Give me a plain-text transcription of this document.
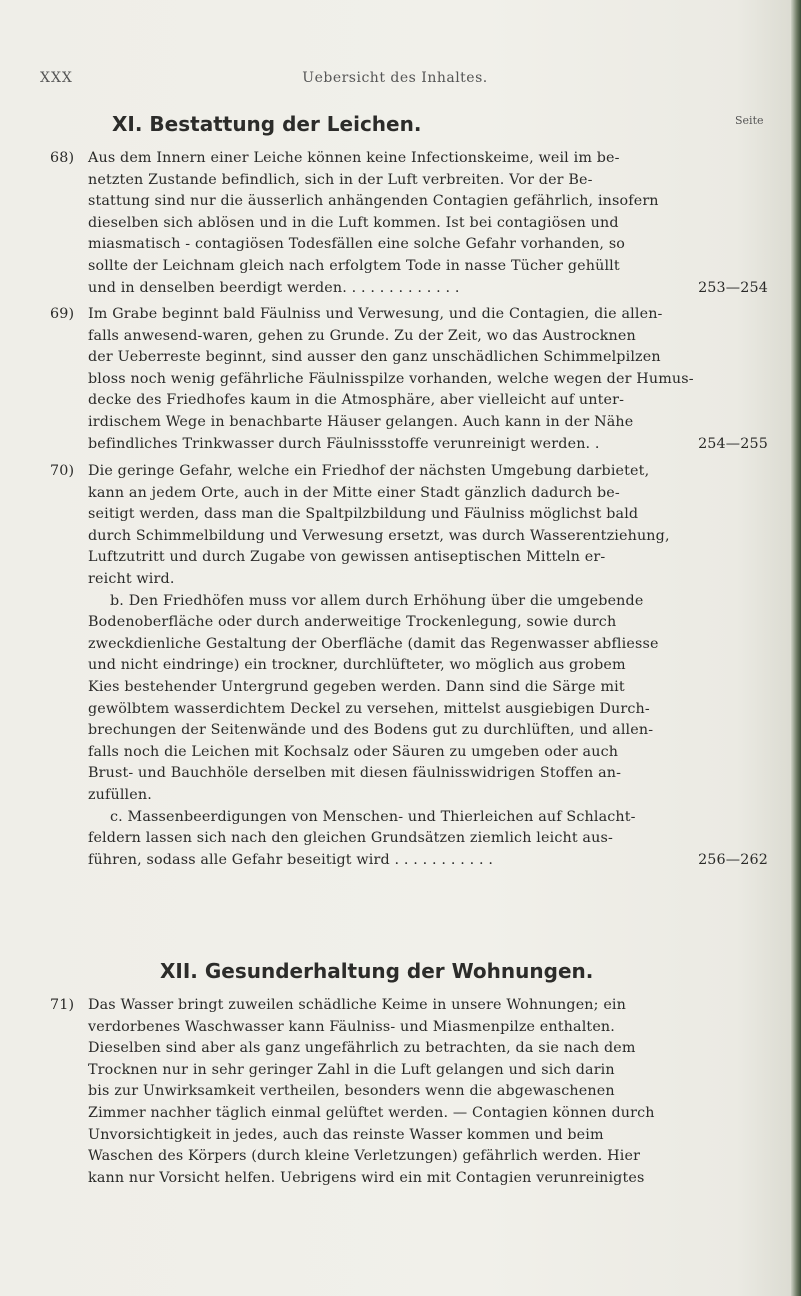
XXX	Uebersicht des Inhaltes.
Seite
XI. Bestattung der Leichen.
68) Aus dem Innern einer Leiche können keine Infectionskeime, weil im be-
netzten Zustande befindlich, sich in der Luft verbreiten. Vor der Be-
stattung sind nur die äusserlich anhängenden Contagien gefährlich, insofern
dieselben sich ablösen und in die Luft kommen. Ist bei contagiösen und
miasmatisch - contagiösen Todesfällen eine solche Gefahr vorhanden, so
sollte der Leichnam gleich nach erfolgtem Tode in nasse Tücher gehüllt
und in denselben beerdigt werden. . . . . . . . . . . . .	253—254
69) Im Grabe beginnt bald Fäulniss und Verwesung, und die Contagien, die allen-
falls anwesend-waren, gehen zu Grunde. Zu der Zeit, wo das Austrocknen
der Ueberreste beginnt, sind ausser den ganz unschädlichen Schimmelpilzen
bloss noch wenig gefährliche Fäulnisspilze vorhanden, welche wegen der Humus-
decke des Friedhofes kaum in die Atmosphäre, aber vielleicht auf unter-
irdischem Wege in benachbarte Häuser gelangen. Auch kann in der Nähe
befindliches Trinkwasser durch Fäulnissstoffe verunreinigt werden. .	254—255
70) Die geringe Gefahr, welche ein Friedhof der nächsten Umgebung darbietet,
kann an jedem Orte, auch in der Mitte einer Stadt gänzlich dadurch be-
seitigt werden, dass man die Spaltpilzbildung und Fäulniss möglichst bald
durch Schimmelbildung und Verwesung ersetzt, was durch Wasserentziehung,
Luftzutritt und durch Zugabe von gewissen antiseptischen Mitteln er-
reicht wird.
b. Den Friedhöfen muss vor allem durch Erhöhung über die umgebende
Bodenoberfläche oder durch anderweitige Trockenlegung, sowie durch
zweckdienliche Gestaltung der Oberfläche (damit das Regenwasser abfliesse
und nicht eindringe) ein trockner, durchlüfteter, wo möglich aus grobem
Kies bestehender Untergrund gegeben werden. Dann sind die Särge mit
gewölbtem wasserdichtem Deckel zu versehen, mittelst ausgiebigen Durch-
brechungen der Seitenwände und des Bodens gut zu durchlüften, und allen-
falls noch die Leichen mit Kochsalz oder Säuren zu umgeben oder auch
Brust- und Bauchhöle derselben mit diesen fäulnisswidrigen Stoffen an-
zufüllen.
c. Massenbeerdigungen von Menschen- und Thierleichen auf Schlacht-
feldern lassen sich nach den gleichen Grundsätzen ziemlich leicht aus-
führen, sodass alle Gefahr beseitigt wird . . . . . . . . . . .	256—262
XII. Gesunderhaltung der Wohnungen.
71) Das Wasser bringt zuweilen schädliche Keime in unsere Wohnungen; ein
verdorbenes Waschwasser kann Fäulniss- und Miasmenpilze enthalten.
Dieselben sind aber als ganz ungefährlich zu betrachten, da sie nach dem
Trocknen nur in sehr geringer Zahl in die Luft gelangen und sich darin
bis zur Unwirksamkeit vertheilen, besonders wenn die abgewaschenen
Zimmer nachher täglich einmal gelüftet werden. — Contagien können durch
Unvorsichtigkeit in jedes, auch das reinste Wasser kommen und beim
Waschen des Körpers (durch kleine Verletzungen) gefährlich werden. Hier
kann nur Vorsicht helfen. Uebrigens wird ein mit Contagien verunreinigtes
